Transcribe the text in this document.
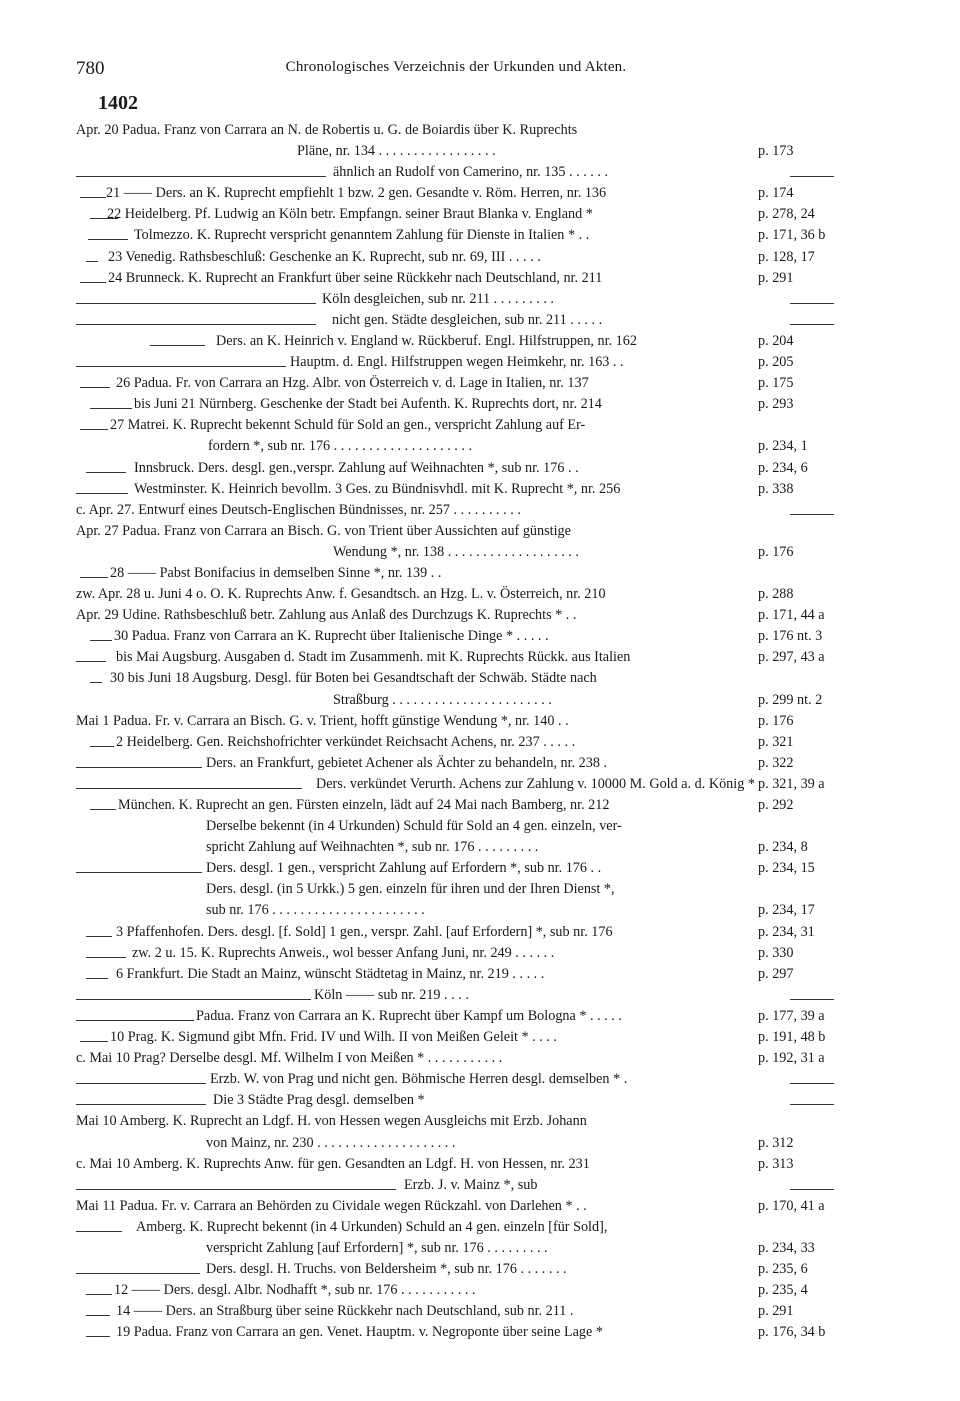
780	Chronologisches Verzeichnis der Urkunden und Akten.
1402
Apr. 20 Padua. Franz von Carrara an N. de Robertis u. G. de Boiardis über K. Ruprechts
Pläne, nr. 134 . . . . . . . . . . . . . . . . .	p. 173
ähnlich an Rudolf von Camerino, nr. 135 . . . . . .
21 —— Ders. an K. Ruprecht empfiehlt 1 bzw. 2 gen. Gesandte v. Röm. Herren, nr. 136	p. 174
22 Heidelberg. Pf. Ludwig an Köln betr. Empfangn. seiner Braut Blanka v. England *	p. 278, 24
Tolmezzo. K. Ruprecht verspricht genanntem Zahlung für Dienste in Italien * . .	p. 171, 36 b
23 Venedig. Rathsbeschluß: Geschenke an K. Ruprecht, sub nr. 69, III . . . . .	p. 128, 17
24 Brunneck. K. Ruprecht an Frankfurt über seine Rückkehr nach Deutschland, nr. 211	p. 291
Köln desgleichen, sub nr. 211 . . . . . . . . .
nicht gen. Städte desgleichen, sub nr. 211 . . . . .
Ders. an K. Heinrich v. England w. Rückberuf. Engl. Hilfstruppen, nr. 162	p. 204
Hauptm. d. Engl. Hilfstruppen wegen Heimkehr, nr. 163 . .	p. 205
26 Padua. Fr. von Carrara an Hzg. Albr. von Österreich v. d. Lage in Italien, nr. 137	p. 175
bis Juni 21 Nürnberg. Geschenke der Stadt bei Aufenth. K. Ruprechts dort, nr. 214	p. 293
27 Matrei. K. Ruprecht bekennt Schuld für Sold an gen., verspricht Zahlung auf Er-
fordern *, sub nr. 176 . . . . . . . . . . . . . . . . . . . .	p. 234, 1
Innsbruck. Ders. desgl. gen.,verspr. Zahlung auf Weihnachten *, sub nr. 176 . .	p. 234, 6
Westminster. K. Heinrich bevollm. 3 Ges. zu Bündnisvhdl. mit K. Ruprecht *, nr. 256	p. 338
c. Apr. 27. Entwurf eines Deutsch-Englischen Bündnisses, nr. 257 . . . . . . . . . .
Apr. 27 Padua. Franz von Carrara an Bisch. G. von Trient über Aussichten auf günstige
Wendung *, nr. 138 . . . . . . . . . . . . . . . . . . .	p. 176
28 —— Pabst Bonifacius in demselben Sinne *, nr. 139 . .
zw. Apr. 28 u. Juni 4 o. O. K. Ruprechts Anw. f. Gesandtsch. an Hzg. L. v. Österreich, nr. 210	p. 288
Apr. 29 Udine. Rathsbeschluß betr. Zahlung aus Anlaß des Durchzugs K. Ruprechts * . .	p. 171, 44 a
30 Padua. Franz von Carrara an K. Ruprecht über Italienische Dinge * . . . . .	p. 176 nt. 3
bis Mai Augsburg. Ausgaben d. Stadt im Zusammenh. mit K. Ruprechts Rückk. aus Italien	p. 297, 43 a
30 bis Juni 18 Augsburg. Desgl. für Boten bei Gesandtschaft der Schwäb. Städte nach
Straßburg . . . . . . . . . . . . . . . . . . . . . . .	p. 299 nt. 2
Mai 1 Padua. Fr. v. Carrara an Bisch. G. v. Trient, hofft günstige Wendung *, nr. 140 . .	p. 176
2 Heidelberg. Gen. Reichshofrichter verkündet Reichsacht Achens, nr. 237 . . . . .	p. 321
Ders. an Frankfurt, gebietet Achener als Ächter zu behandeln, nr. 238 .	p. 322
Ders. verkündet Verurth. Achens zur Zahlung v. 10000 M. Gold a. d. König * p. 321, 39 a
München. K. Ruprecht an gen. Fürsten einzeln, lädt auf 24 Mai nach Bamberg, nr. 212	p. 292
Derselbe bekennt (in 4 Urkunden) Schuld für Sold an 4 gen. einzeln, ver-
spricht Zahlung auf Weihnachten *, sub nr. 176 . . . . . . . . .	p. 234, 8
Ders. desgl. 1 gen., verspricht Zahlung auf Erfordern *, sub nr. 176 . .	p. 234, 15
Ders. desgl. (in 5 Urkk.) 5 gen. einzeln für ihren und der Ihren Dienst *,
sub nr. 176 . . . . . . . . . . . . . . . . . . . . . .	p. 234, 17
3 Pfaffenhofen. Ders. desgl. [f. Sold] 1 gen., verspr. Zahl. [auf Erfordern] *, sub nr. 176	p. 234, 31
zw. 2 u. 15. K. Ruprechts Anweis., wol besser Anfang Juni, nr. 249 . . . . . .	p. 330
6 Frankfurt. Die Stadt an Mainz, wünscht Städtetag in Mainz, nr. 219 . . . . .	p. 297
Köln —— sub nr. 219 . . . .
Padua. Franz von Carrara an K. Ruprecht über Kampf um Bologna * . . . . .	p. 177, 39 a
10 Prag. K. Sigmund gibt Mfn. Frid. IV und Wilh. II von Meißen Geleit * . . . .	p. 191, 48 b
c. Mai 10 Prag? Derselbe desgl. Mf. Wilhelm I von Meißen * . . . . . . . . . . .	p. 192, 31 a
Erzb. W. von Prag und nicht gen. Böhmische Herren desgl. demselben * .
Die 3 Städte Prag desgl. demselben *
Mai 10 Amberg. K. Ruprecht an Ldgf. H. von Hessen wegen Ausgleichs mit Erzb. Johann
von Mainz, nr. 230 . . . . . . . . . . . . . . . . . . . .	p. 312
c. Mai 10 Amberg. K. Ruprechts Anw. für gen. Gesandten an Ldgf. H. von Hessen, nr. 231	p. 313
Erzb. J. v. Mainz *, sub
Mai 11 Padua. Fr. v. Carrara an Behörden zu Cividale wegen Rückzahl. von Darlehen * . .	p. 170, 41 a
Amberg. K. Ruprecht bekennt (in 4 Urkunden) Schuld an 4 gen. einzeln [für Sold],
verspricht Zahlung [auf Erfordern] *, sub nr. 176 . . . . . . . . .	p. 234, 33
Ders. desgl. H. Truchs. von Beldersheim *, sub nr. 176 . . . . . . .	p. 235, 6
12 —— Ders. desgl. Albr. Nodhafft *, sub nr. 176 . . . . . . . . . . .	p. 235, 4
14 —— Ders. an Straßburg über seine Rückkehr nach Deutschland, sub nr. 211 .	p. 291
19 Padua. Franz von Carrara an gen. Venet. Hauptm. v. Negroponte über seine Lage *	p. 176, 34 b
